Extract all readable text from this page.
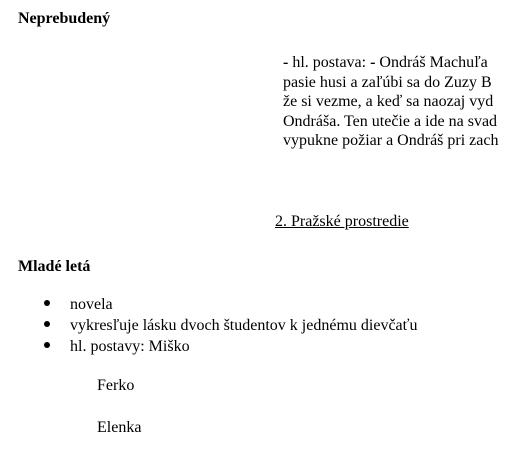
Neprebudený
- hl. postava: - Ondráš Machuľa
pasie husi a zaľúbi sa do Zuzy B
že si vezme, a keď sa naozaj vyd
Ondráša. Ten utečie a ide na svad
vypukne požiar a Ondráš pri zach
2. Pražské prostredie
Mladé letá
novela
vykresľuje lásku dvoch študentov k jednému dievčaťu
hl. postavy: Miško
Ferko
Elenka
